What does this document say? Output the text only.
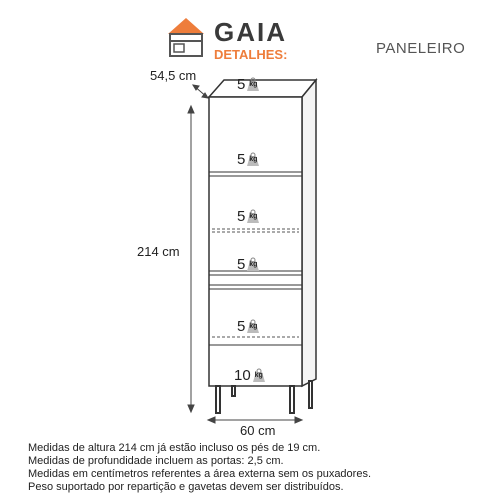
GAIA
DETALHES:	PANELEIRO
54,5 cm
214 cm
60 cm
5 kg
5 kg
5 kg
5 kg
5 kg
10 kg
Medidas de altura 214 cm já estão incluso os pés de 19 cm.
Medidas de profundidade incluem as portas: 2,5 cm.
Medidas em centímetros referentes a área externa sem os puxadores.
Peso suportado por repartição e gavetas devem ser distribuídos.
